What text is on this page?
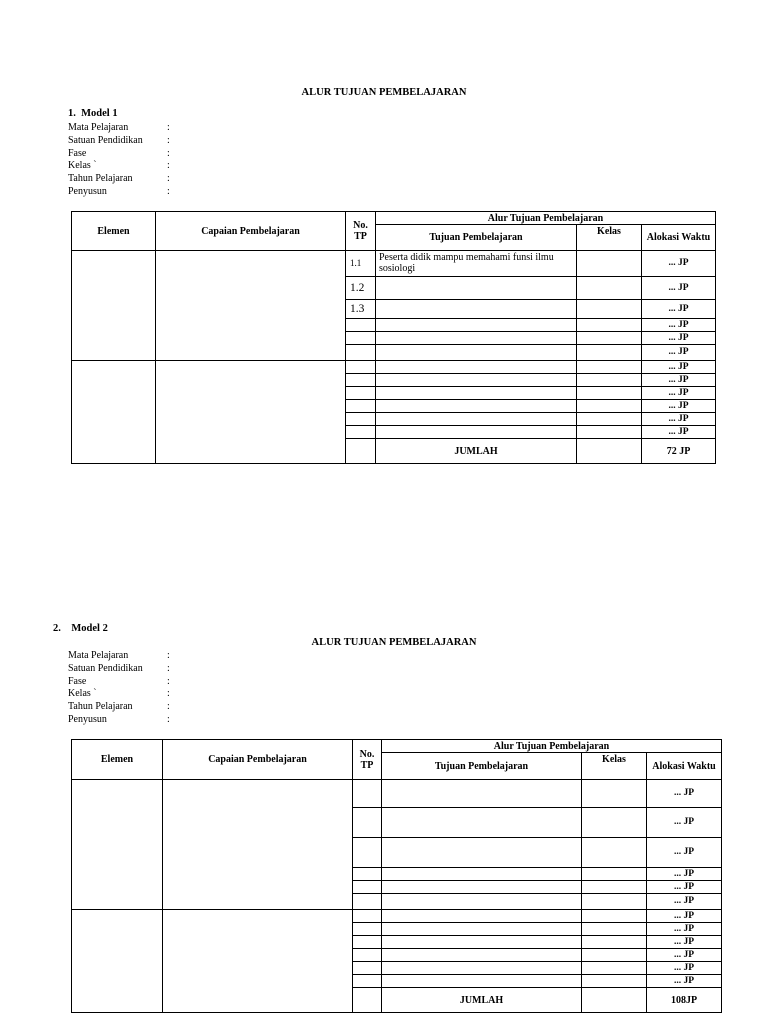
ALUR TUJUAN PEMBELAJARAN
1. Model 1
Mata Pelajaran	:
Satuan Pendidikan :
Fase	:
Kelas `	:
Tahun Pelajaran	:
Penyusun	:
Elemen	Capaian Pembelajaran	No. TP	Alur Tujuan Pembelajaran		
			Tujuan Pembelajaran	Kelas	Alokasi Waktu
		1.1	Peserta didik mampu memahami funsi ilmu sosiologi		... JP
		1.2			... JP
		1.3			... JP
					... JP
					... JP
					... JP
					... JP
					... JP
					... JP
					... JP
					... JP
					... JP
			JUMLAH		72 JP
2. Model 2
ALUR TUJUAN PEMBELAJARAN
Mata Pelajaran	:
Satuan Pendidikan :
Fase	:
Kelas `	:
Tahun Pelajaran	:
Penyusun	:
Elemen	Capaian Pembelajaran	No. TP	Alur Tujuan Pembelajaran		
			Tujuan Pembelajaran	Kelas	Alokasi Waktu
					... JP
					... JP
					... JP
					... JP
					... JP
					... JP
					... JP
					... JP
					... JP
					... JP
					... JP
					... JP
			JUMLAH		108JP
